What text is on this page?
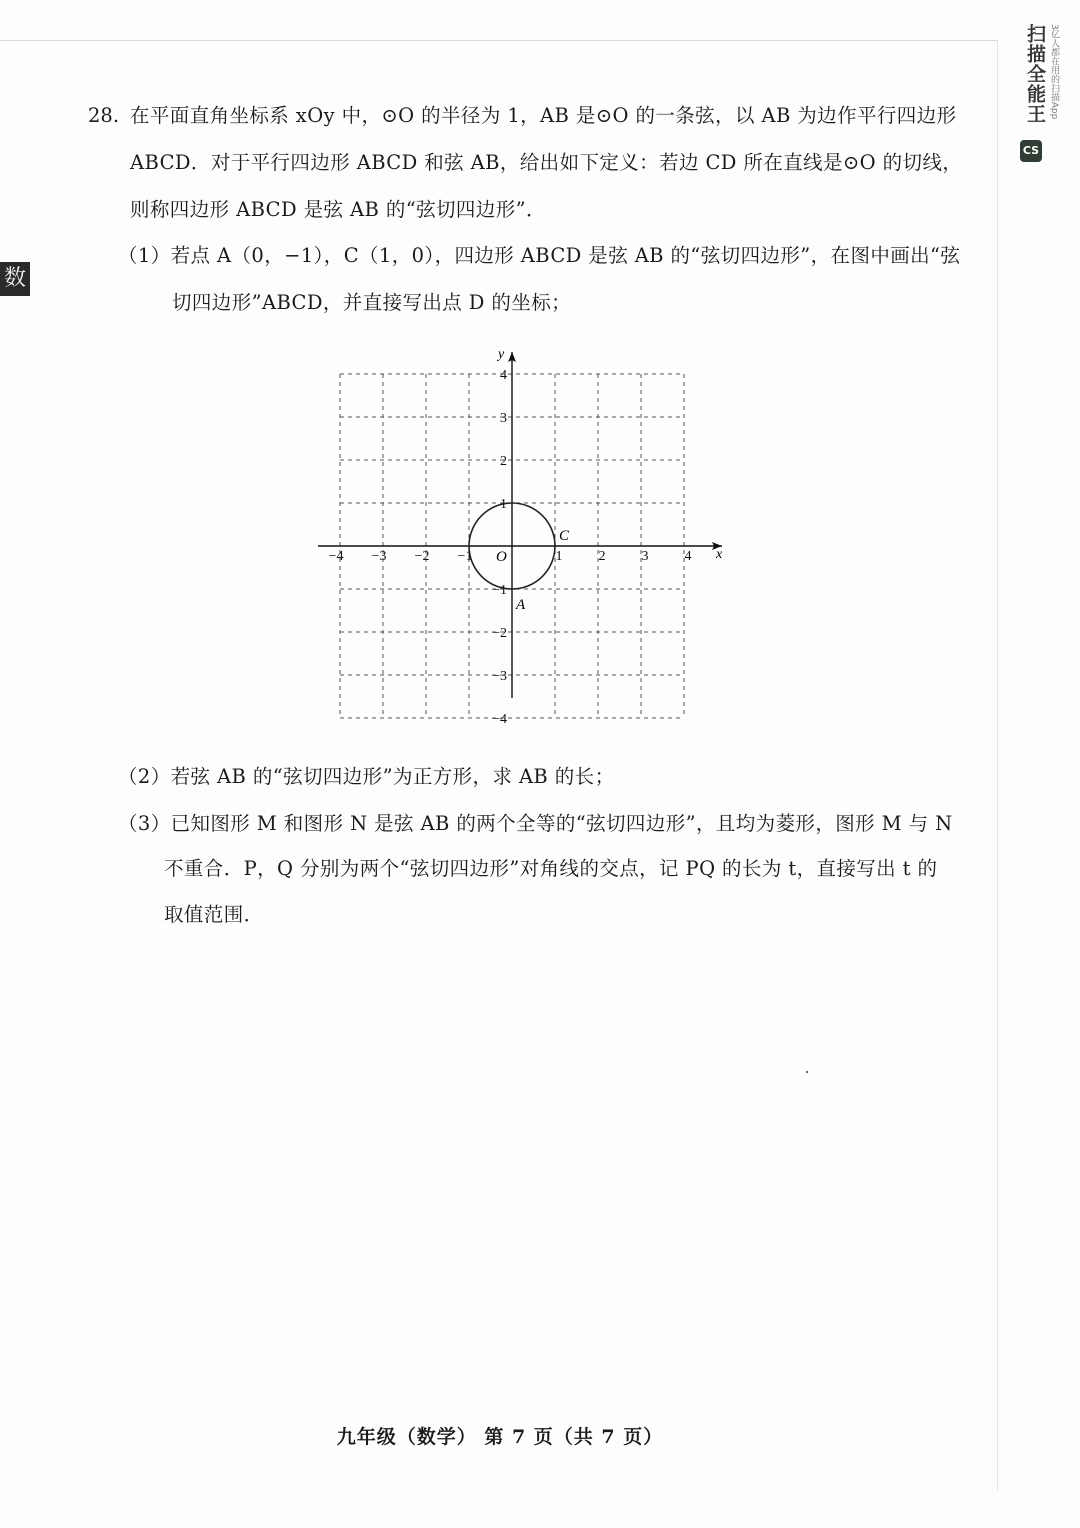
数
扫描全能王 3亿人都在用的扫描App
CS
28. 在平面直角坐标系 xOy 中，⊙O 的半径为 1，AB 是⊙O 的一条弦，以 AB 为边作平行四边形
ABCD．对于平行四边形 ABCD 和弦 AB，给出如下定义：若边 CD 所在直线是⊙O 的切线，
则称四边形 ABCD 是弦 AB 的“弦切四边形”．
（1）若点 A（0，−1），C（1，0），四边形 ABCD 是弦 AB 的“弦切四边形”，在图中画出“弦
切四边形”ABCD，并直接写出点 D 的坐标；
−4 −3 −2 −1	1	2	3	4
4
3
2
1
−1
−2
−3
−4
x
y
O
C
A
（2）若弦 AB 的“弦切四边形”为正方形，求 AB 的长；
（3）已知图形 M 和图形 N 是弦 AB 的两个全等的“弦切四边形”，且均为菱形，图形 M 与 N
不重合．P，Q 分别为两个“弦切四边形”对角线的交点，记 PQ 的长为 t，直接写出 t 的
取值范围．
九年级（数学） 第 7 页（共 7 页）
